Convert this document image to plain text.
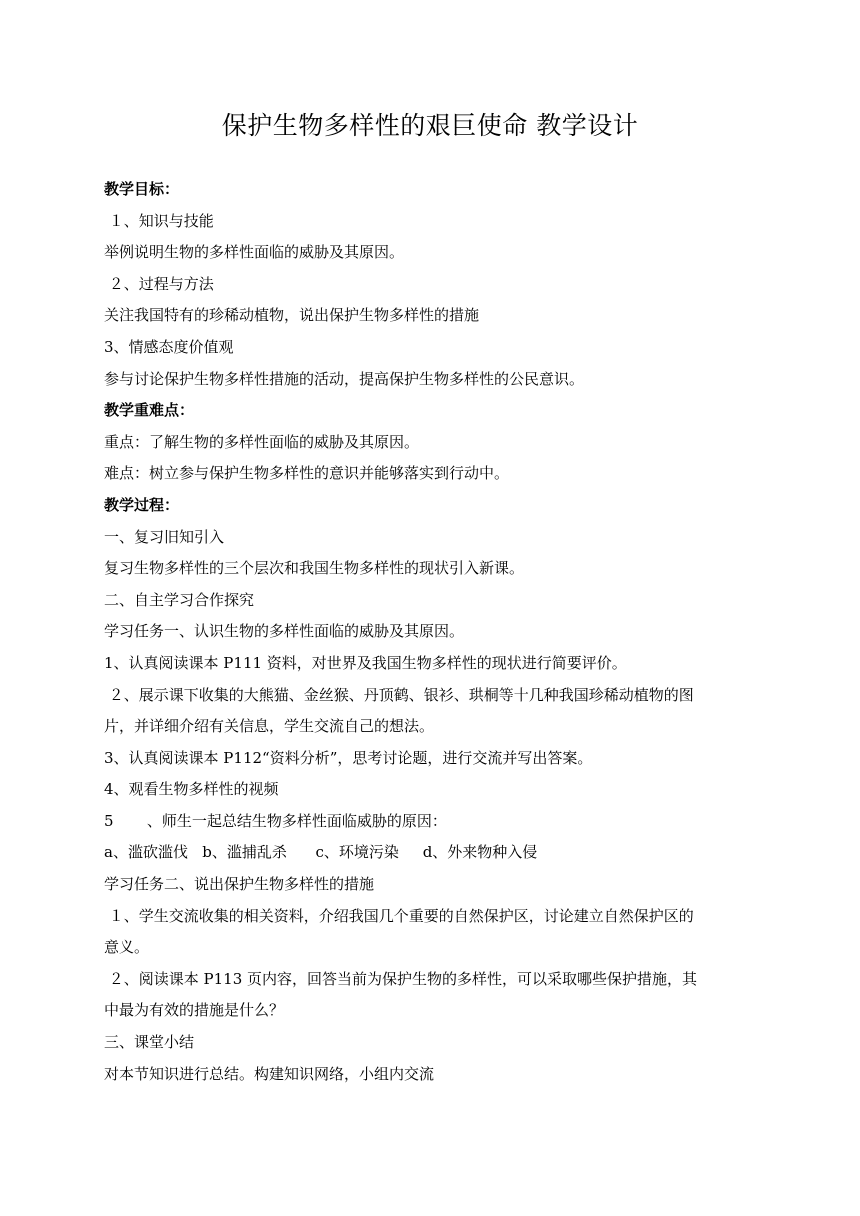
保护生物多样性的艰巨使命 教学设计
教学目标：
１、知识与技能
举例说明生物的多样性面临的威胁及其原因。
２、过程与方法
关注我国特有的珍稀动植物，说出保护生物多样性的措施
3、情感态度价值观
参与讨论保护生物多样性措施的活动，提高保护生物多样性的公民意识。
教学重难点：
重点：了解生物的多样性面临的威胁及其原因。
难点：树立参与保护生物多样性的意识并能够落实到行动中。
教学过程：
一、复习旧知引入
复习生物多样性的三个层次和我国生物多样性的现状引入新课。
二、自主学习合作探究
学习任务一、认识生物的多样性面临的威胁及其原因。
1、认真阅读课本 P111 资料，对世界及我国生物多样性的现状进行简要评价。
２、展示课下收集的大熊猫、金丝猴、丹顶鹤、银衫、珙桐等十几种我国珍稀动植物的图
片，并详细介绍有关信息，学生交流自己的想法。
3、认真阅读课本 P112“资料分析”，思考讨论题，进行交流并写出答案。
4、观看生物多样性的视频
5       、师生一起总结生物多样性面临威胁的原因：
a、滥砍滥伐   b、滥捕乱杀      c、环境污染     d、外来物种入侵
学习任务二、说出保护生物多样性的措施
１、学生交流收集的相关资料，介绍我国几个重要的自然保护区，讨论建立自然保护区的
意义。
２、阅读课本 P113 页内容，回答当前为保护生物的多样性，可以采取哪些保护措施，其
中最为有效的措施是什么？
三、课堂小结
对本节知识进行总结。构建知识网络，小组内交流
